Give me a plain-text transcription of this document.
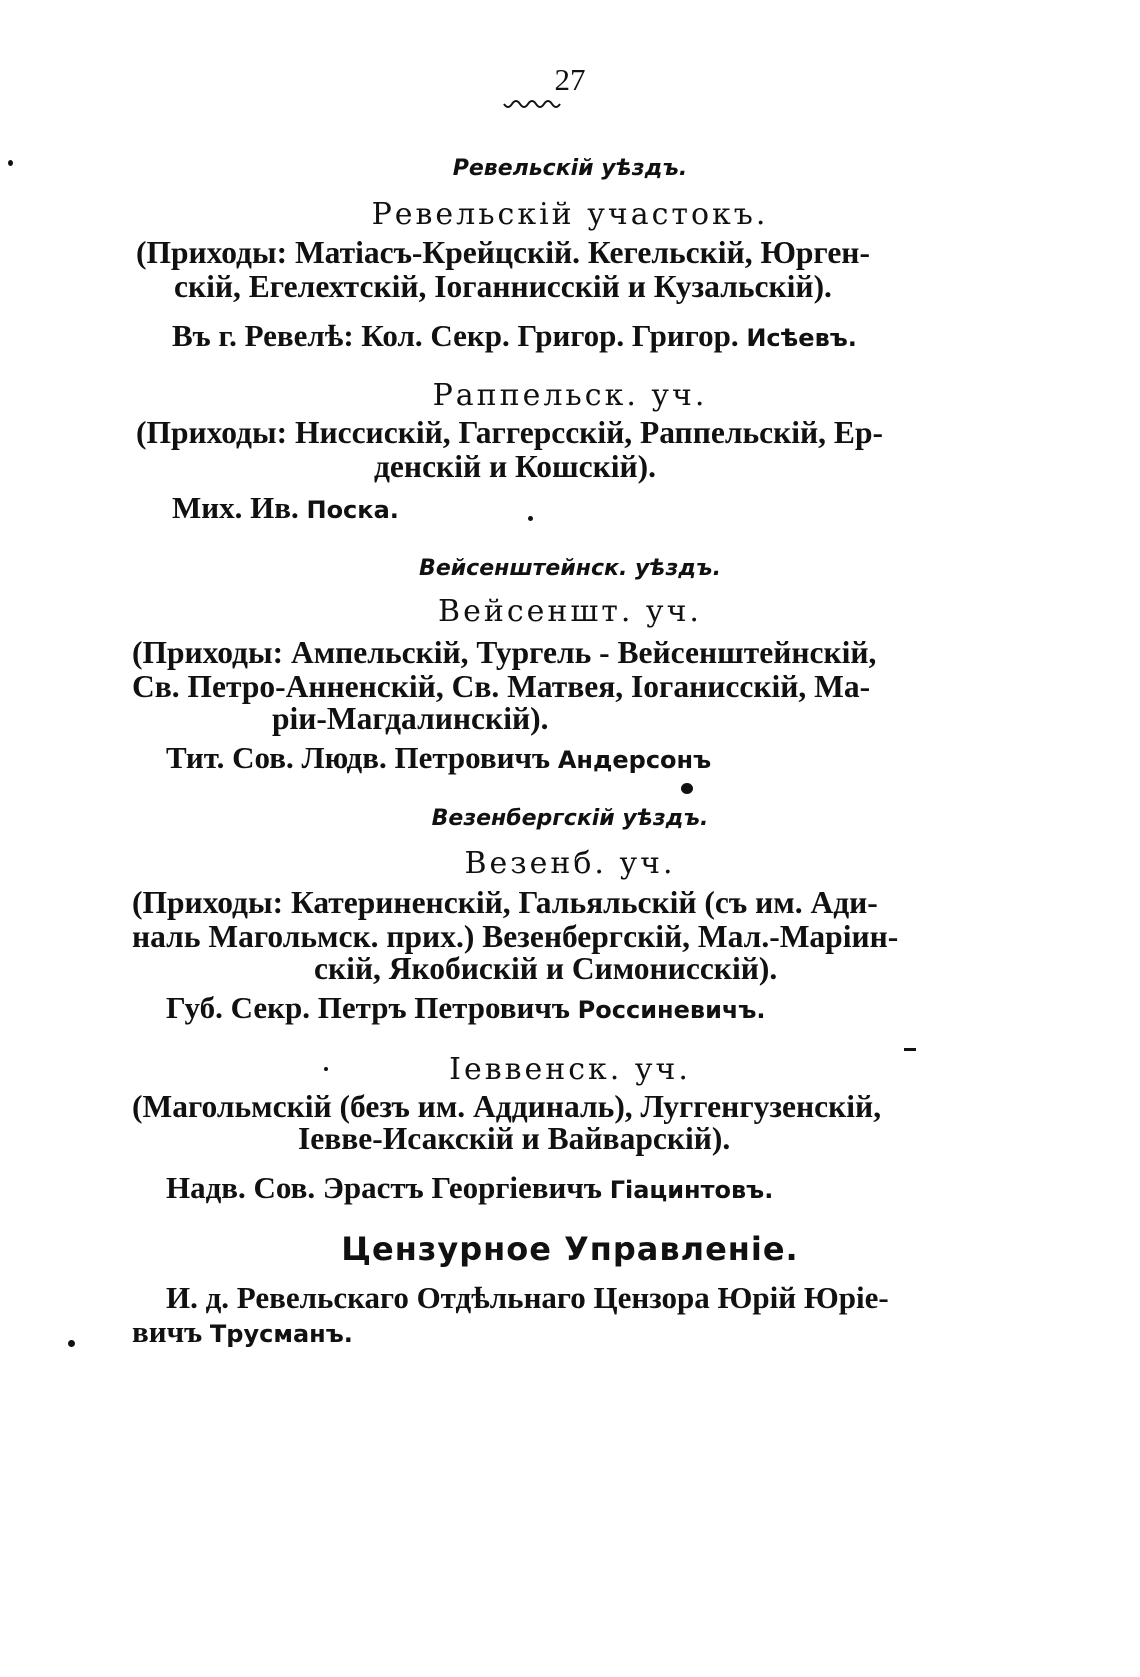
27
Ревельскій уѣздъ.
Ревельскій участокъ.
(Приходы: Матіасъ-Крейцскій. Кегельскій, Юрген-
скій, Егелехтскій, Іоганнисскій и Кузальскій).
Въ г. Ревелѣ: Кол. Секр. Григор. Григор. Исѣевъ.
Раппельск. уч.
(Приходы: Ниссискій, Гаггерсскій, Раппельскій, Ер-
денскій и Кошскій).
Мих. Ив. Поска.
Вейсенштейнск. уѣздъ.
Вейсеншт. уч.
(Приходы: Ампельскій, Тургель - Вейсенштейнскій,
Св. Петро-Анненскій, Св. Матвея, Іоганисскій, Ма-
ріи-Магдалинскій).
Тит. Сов. Людв. Петровичъ Андерсонъ
Везенбергскій уѣздъ.
Везенб. уч.
(Приходы: Катериненскій, Гальяльскій (съ им. Ади-
наль Магольмск. прих.) Везенбергскій, Мал.-Маріин-
скій, Якобискій и Симонисскій).
Губ. Секр. Петръ Петровичъ Россиневичъ.
Іеввенск. уч.
(Магольмскій (безъ им. Аддиналь), Луггенгузенскій,
Іевве-Исакскій и Вайварскій).
Надв. Сов. Эрастъ Георгіевичъ Гіацинтовъ.
Цензурное Управленіе.
И. д. Ревельскаго Отдѣльнаго Цензора Юрій Юріе-
вичъ Трусманъ.
